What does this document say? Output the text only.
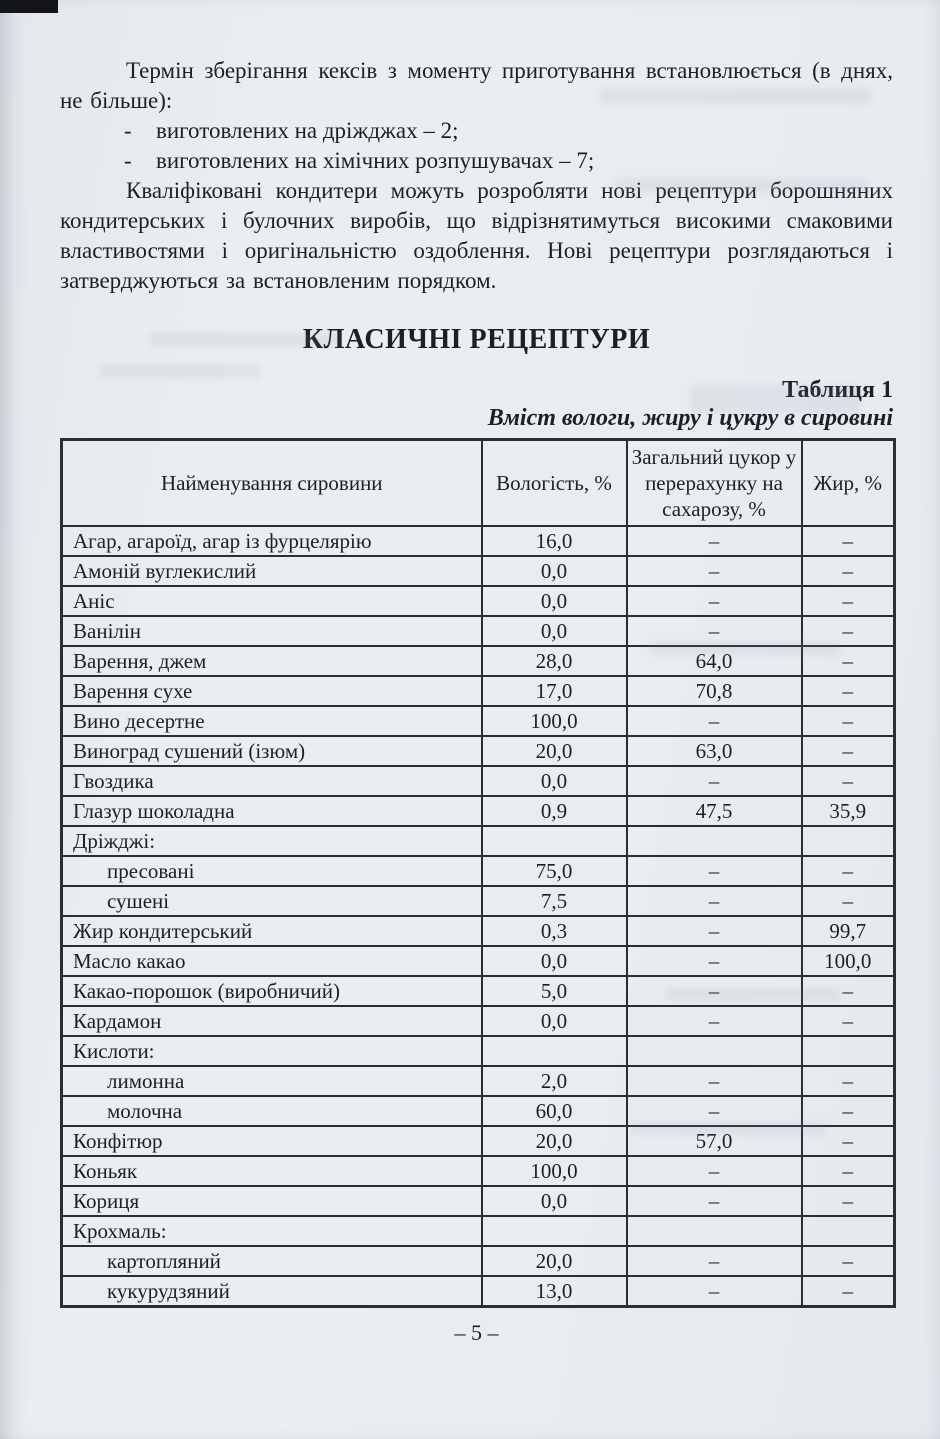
Термін зберігання кексів з моменту приготування встановлюється (в днях, не більше):

- виготовлених на дріжджах – 2;
- виготовлених на хімічних розпушувачах – 7;

Кваліфіковані кондитери можуть розробляти нові рецептури борошняних кондитерських і булочних виробів, що відрізнятимуться високими смаковими властивостями і оригінальністю оздоблення. Нові рецептури розглядаються і затверджуються за встановленим порядком.

КЛАСИЧНІ РЕЦЕПТУРИ
Таблиця 1
Вміст вологи, жиру і цукру в сировині
Найменування сировини	Вологість, %	Загальний цукор у перерахунку на сахарозу, %	Жир, %
Агар, агароїд, агар із фурцелярію	16,0	–	–
Амоній вуглекислий	0,0	–	–
Аніс	0,0	–	–
Ванілін	0,0	–	–
Варення, джем	28,0	64,0	–
Варення сухе	17,0	70,8	–
Вино десертне	100,0	–	–
Виноград сушений (ізюм)	20,0	63,0	–
Гвоздика	0,0	–	–
Глазур шоколадна	0,9	47,5	35,9
Дріжджі:			
пресовані	75,0	–	–
сушені	7,5	–	–
Жир кондитерський	0,3	–	99,7
Масло какао	0,0	–	100,0
Какао-порошок (виробничий)	5,0	–	–
Кардамон	0,0	–	–
Кислоти:			
лимонна	2,0	–	–
молочна	60,0	–	–
Конфітюр	20,0	57,0	–
Коньяк	100,0	–	–
Кориця	0,0	–	–
Крохмаль:			
картопляний	20,0	–	–
кукурудзяний	13,0	–	–
– 5 –
